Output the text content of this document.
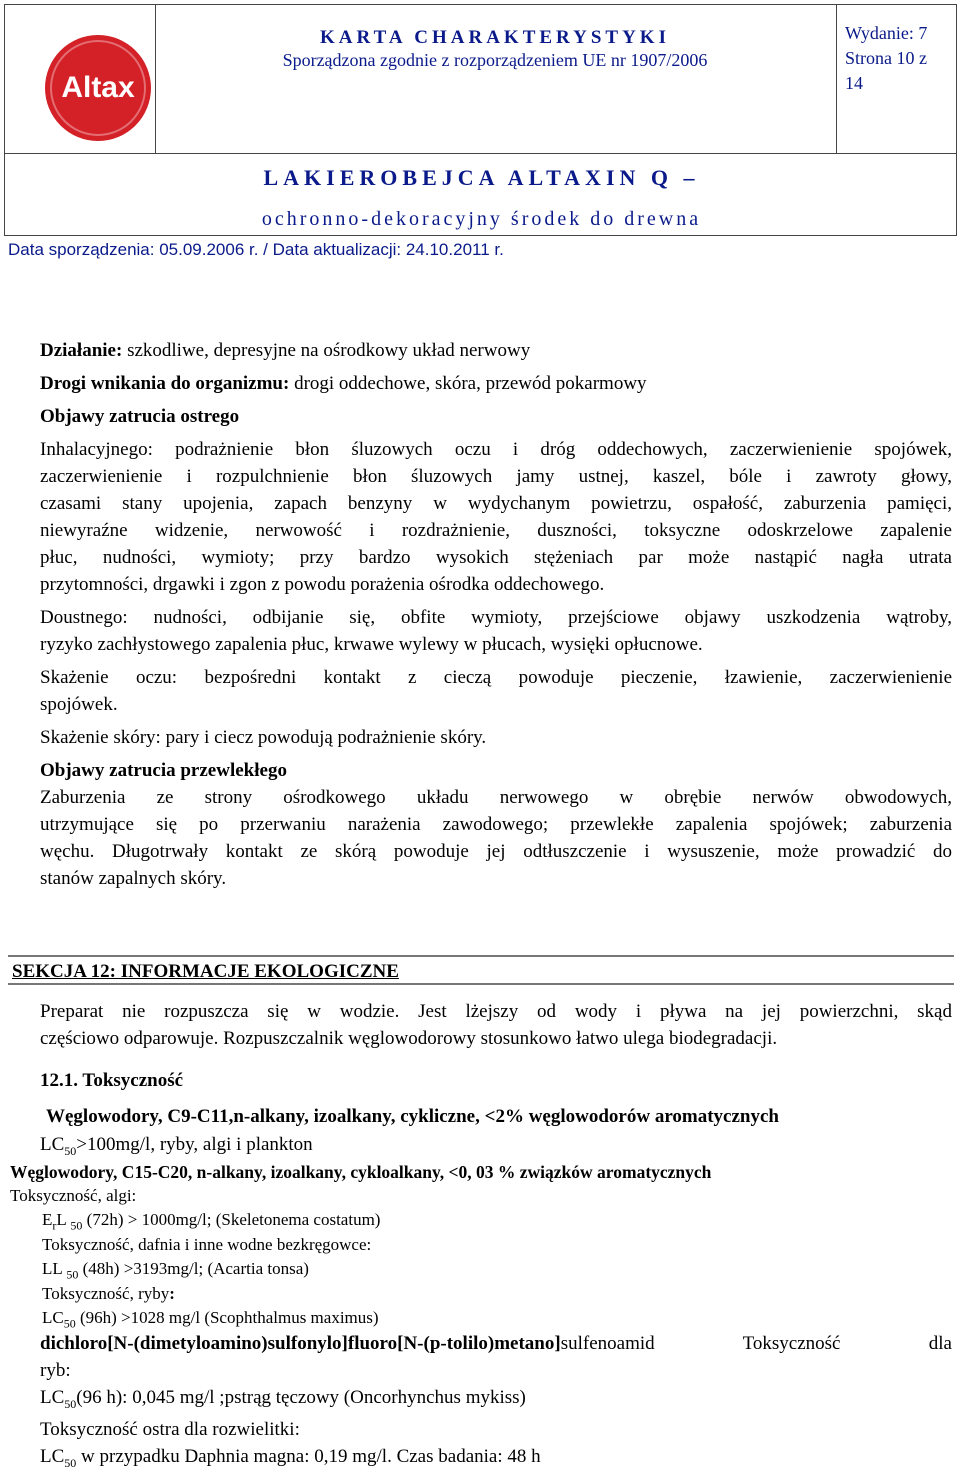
Altax
KARTA CHARAKTERYSTYKI
Sporządzona zgodnie z rozporządzeniem UE nr 1907/2006
Wydanie: 7
Strona 10 z
14
LAKIEROBEJCA ALTAXIN Q –
ochronno-dekoracyjny środek do drewna
Data sporządzenia: 05.09.2006 r. / Data aktualizacji: 24.10.2011 r.
Działanie: szkodliwe, depresyjne na ośrodkowy układ nerwowy
Drogi wnikania do organizmu: drogi oddechowe, skóra, przewód pokarmowy
Objawy zatrucia ostrego
Inhalacyjnego: podrażnienie błon śluzowych oczu i dróg oddechowych, zaczerwienienie spojówek,
zaczerwienienie i rozpulchnienie błon śluzowych jamy ustnej, kaszel, bóle i zawroty głowy,
czasami stany upojenia, zapach benzyny w wydychanym powietrzu, ospałość, zaburzenia pamięci,
niewyraźne widzenie, nerwowość i rozdrażnienie, duszności, toksyczne odoskrzelowe zapalenie
płuc, nudności, wymioty; przy bardzo wysokich stężeniach par może nastąpić nagła utrata
przytomności, drgawki i zgon z powodu porażenia ośrodka oddechowego.
Doustnego: nudności, odbijanie się, obfite wymioty, przejściowe objawy uszkodzenia wątroby,
ryzyko zachłystowego zapalenia płuc, krwawe wylewy w płucach, wysięki opłucnowe.
Skażenie oczu: bezpośredni kontakt z cieczą powoduje pieczenie, łzawienie, zaczerwienienie
spojówek.
Skażenie skóry: pary i ciecz powodują podrażnienie skóry.
Objawy zatrucia przewlekłego
Zaburzenia ze strony ośrodkowego układu nerwowego w obrębie nerwów obwodowych,
utrzymujące się po przerwaniu narażenia zawodowego; przewlekłe zapalenia spojówek; zaburzenia
węchu. Długotrwały kontakt ze skórą powoduje jej odtłuszczenie i wysuszenie, może prowadzić do
stanów zapalnych skóry.
SEKCJA 12: INFORMACJE EKOLOGICZNE
Preparat nie rozpuszcza się w wodzie. Jest lżejszy od wody i pływa na jej powierzchni, skąd
częściowo odparowuje. Rozpuszczalnik węglowodorowy stosunkowo łatwo ulega biodegradacji.
12.1. Toksyczność
Węglowodory, C9-C11,n-alkany, izoalkany, cykliczne, <2% węglowodorów aromatycznych
$LC_{50}>100mg/l$, ryby, algi i plankton
Węglowodory, C15-C20, n-alkany, izoalkany, cykloalkany, <0, 03 % związków aromatycznych
Toksyczność, algi:
$E_rL$ $_{50}$ (72h) > 1000mg/l; (Skeletonema costatum)
Toksyczność, dafnia i inne wodne bezkręgowce:
LL $_{50}$ (48h) >3193mg/l; (Acartia tonsa)
Toksyczność, ryby:
$LC_{50}$ (96h) >1028 mg/l (Scophthalmus maximus)
dichloro[N-(dimetyloamino)sulfonylo]fluoro[N-(p-tolilo)metano]sulfenoamid Toksyczność dla
ryb:
$LC_{50}(96$ h): 0,045 mg/l ;pstrąg tęczowy (Oncorhynchus mykiss)
Toksyczność ostra dla rozwielitki:
$LC_{50}$ w przypadku Daphnia magna: 0,19 mg/l. Czas badania: 48 h
